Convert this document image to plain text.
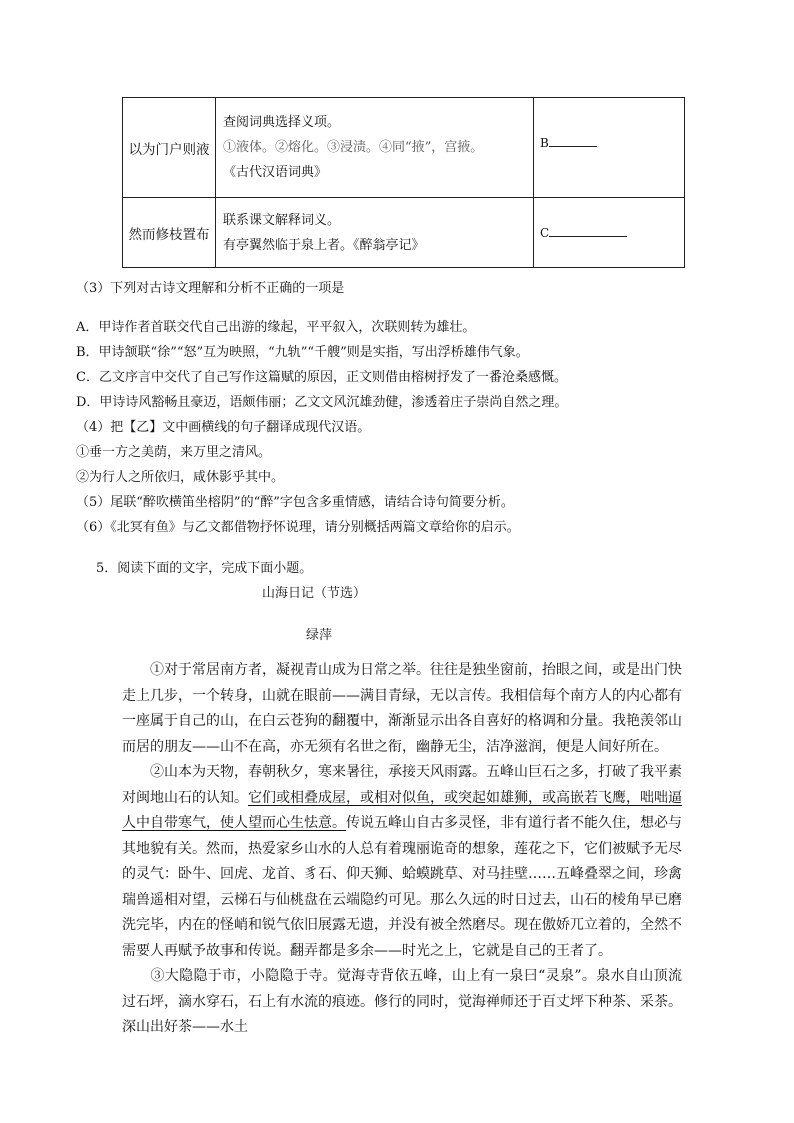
以为门户则液	查阅词典选择义项。
①液体。②熔化。③浸渍。④同“掖”，宫掖。
《古代汉语词典》	B
然而修枝置布	联系课文解释词义。
有亭翼然临于泉上者。《醉翁亭记》	C
（3）下列对古诗文理解和分析不正确的一项是
A．甲诗作者首联交代自己出游的缘起，平平叙入，次联则转为雄壮。
B．甲诗颔联“徐”“怒”互为映照，“九轨”“千艘”则是实指，写出浮桥雄伟气象。
C．乙文序言中交代了自己写作这篇赋的原因，正文则借由榕树抒发了一番沧桑感慨。
D．甲诗诗风豁畅且豪迈，语颇伟丽；乙文文风沉雄劲健，渗透着庄子崇尚自然之理。
（4）把【乙】文中画横线的句子翻译成现代汉语。
①垂一方之美荫，来万里之清风。
②为行人之所依归，咸休影乎其中。
（5）尾联“醉吹横笛坐榕阴”的“醉”字包含多重情感，请结合诗句简要分析。
（6）《北冥有鱼》与乙文都借物抒怀说理，请分别概括两篇文章给你的启示。
5．阅读下面的文字，完成下面小题。
山海日记（节选）
绿萍
①对于常居南方者，凝视青山成为日常之举。往往是独坐窗前，抬眼之间，或是出门快走上几步，一个转身，山就在眼前——满目青绿，无以言传。我相信每个南方人的内心都有一座属于自己的山，在白云苍狗的翻覆中，渐渐显示出各自喜好的格调和分量。我艳羡邻山而居的朋友——山不在高，亦无须有名世之衔，幽静无尘，洁净滋润，便是人间好所在。
②山本为天物，春朝秋夕，寒来暑往，承接天风雨露。五峰山巨石之多，打破了我平素对闽地山石的认知。它们或相叠成屋，或相对似鱼，或突起如雄狮，或高嵌若飞鹰，咄咄逼人中自带寒气，使人望而心生怯意。传说五峰山自古多灵怪，非有道行者不能久住，想必与其地貌有关。然而，热爱家乡山水的人总有着瑰丽诡奇的想象，莲花之下，它们被赋予无尽的灵气：卧牛、回虎、龙首、豸石、仰天狮、蛤蟆跳草、对马挂壁……五峰叠翠之间，珍禽瑞兽遥相对望，云梯石与仙桃盘在云端隐约可见。那么久远的时日过去，山石的棱角早已磨洗完毕，内在的怪峭和锐气依旧展露无遗，并没有被全然磨尽。现在傲娇兀立着的，全然不需要人再赋予故事和传说。翻弄都是多余——时光之上，它就是自己的王者了。
③大隐隐于市，小隐隐于寺。觉海寺背依五峰，山上有一泉曰“灵泉”。泉水自山顶流过石坪，滴水穿石，石上有水流的痕迹。修行的同时，觉海禅师还于百丈坪下种茶、采茶。深山出好茶——水土
